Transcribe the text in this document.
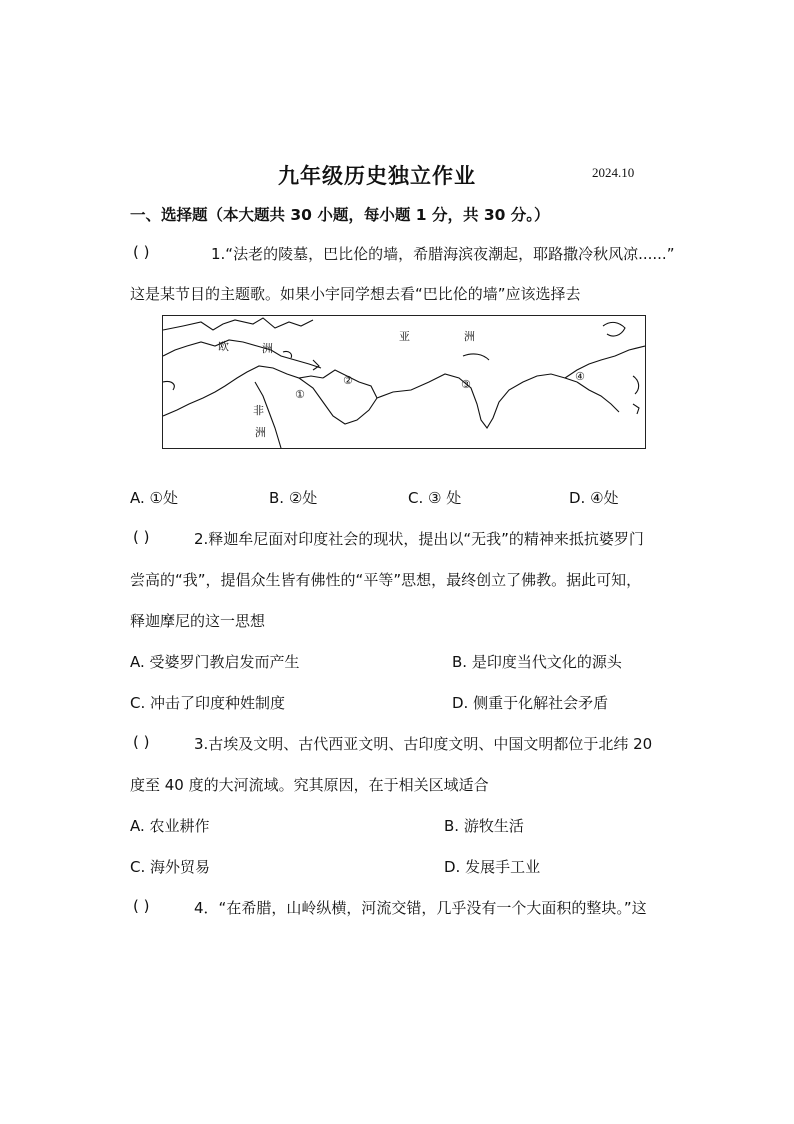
九年级历史独立作业	2024.10
一、选择题（本大题共 30 小题，每小题 1 分，共 30 分。）
( )	1.“法老的陵墓，巴比伦的墙，希腊海滨夜潮起，耶路撒冷秋风凉......”
这是某节目的主题歌。如果小宇同学想去看“巴比伦的墙”应该选择去
欧	洲
亚	洲
非
洲
①
②	③
④
A. ①处	B. ②处	C. ③ 处	D. ④处
( )	2.释迦牟尼面对印度社会的现状，提出以“无我”的精神来抵抗婆罗门
尝高的“我”，提倡众生皆有佛性的“平等”思想，最终创立了佛教。据此可知，
释迦摩尼的这一思想
A. 受婆罗门教启发而产生	B. 是印度当代文化的源头
C. 冲击了印度种姓制度	D. 侧重于化解社会矛盾
( )	3.古埃及文明、古代西亚文明、古印度文明、中国文明都位于北纬 20
度至 40 度的大河流域。究其原因，在于相关区域适合
A. 农业耕作	B. 游牧生活
C. 海外贸易	D. 发展手工业
( )	4．“在希腊，山岭纵横，河流交错，几乎没有一个大面积的整块。”这
